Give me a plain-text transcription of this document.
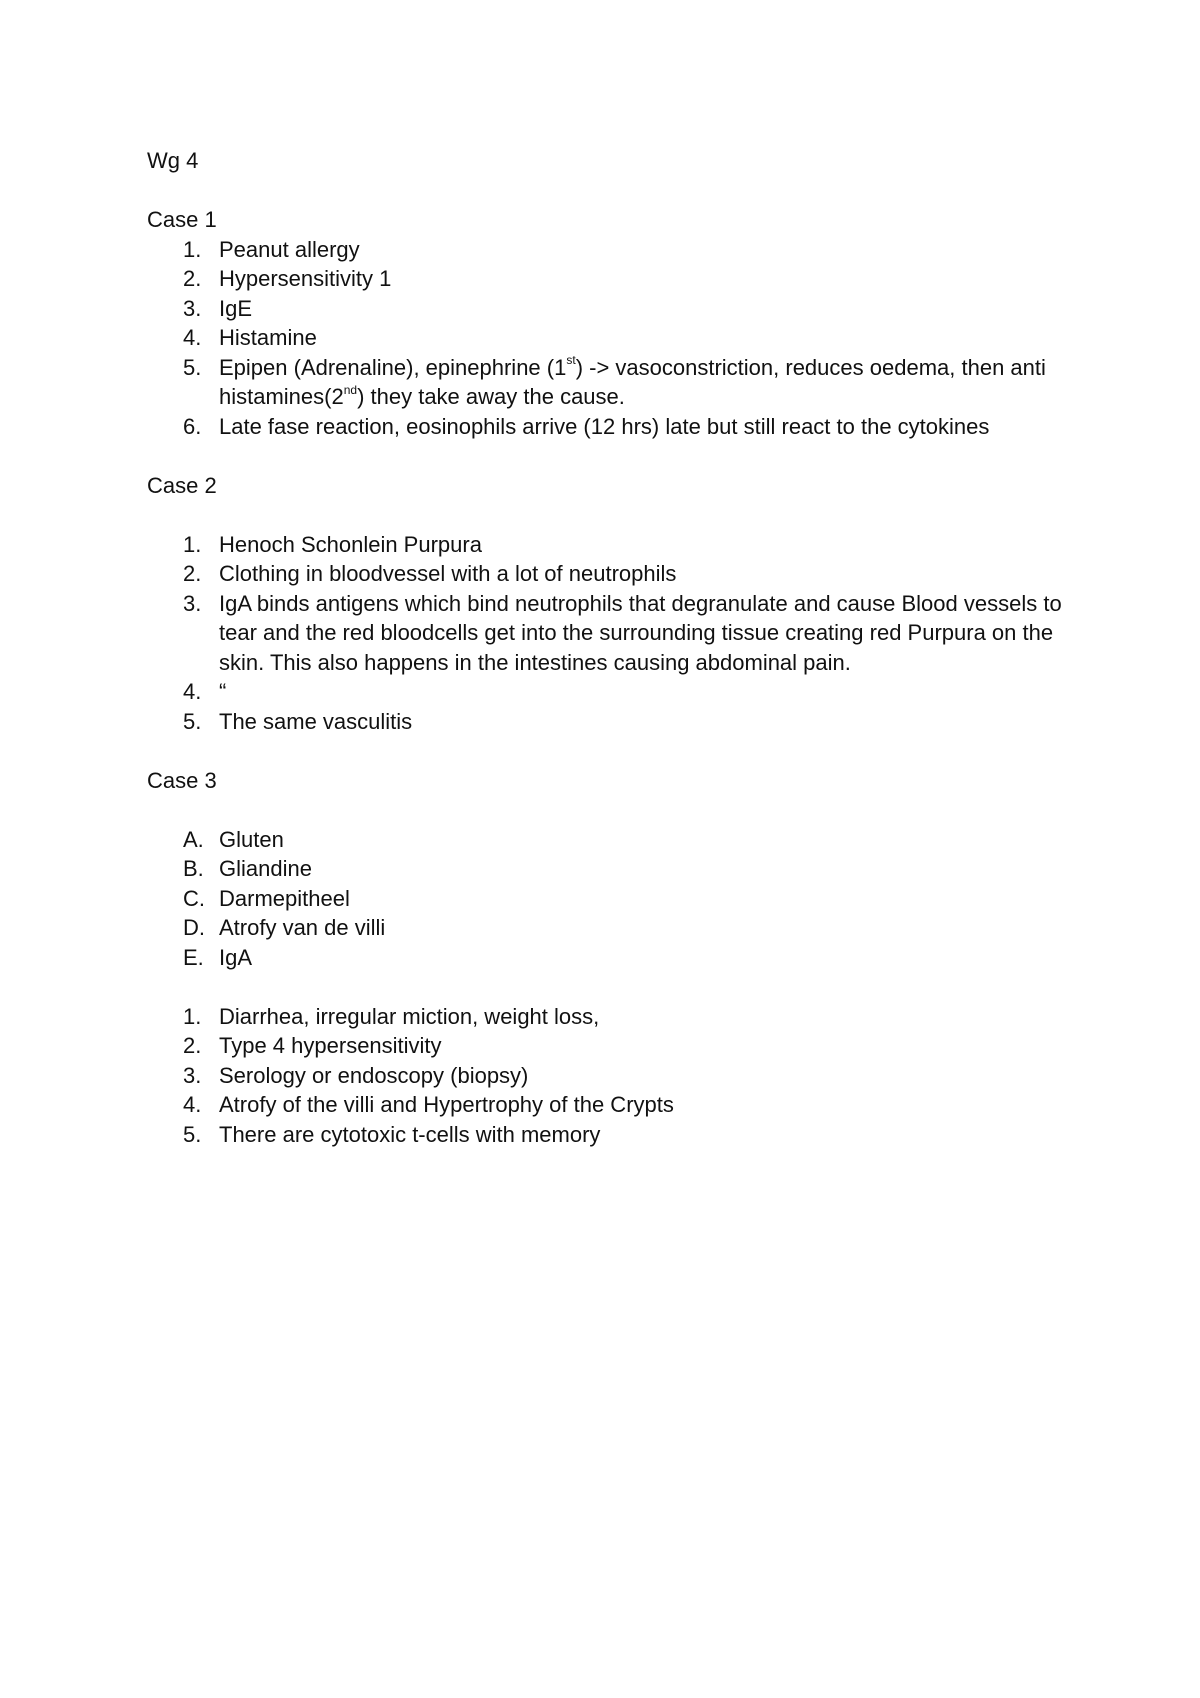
Wg 4

Case 1

1. Peanut allergy
2. Hypersensitivity 1
3. IgE
4. Histamine
5. Epipen (Adrenaline), epinephrine (1st) -> vasoconstriction, reduces oedema, then anti histamines(2nd) they take away the cause.
6. Late fase reaction, eosinophils arrive (12 hrs) late but still react to the cytokines

Case 2

1. Henoch Schonlein Purpura
2. Clothing in bloodvessel with a lot of neutrophils
3. IgA binds antigens which bind neutrophils that degranulate and cause Blood vessels to tear and the red bloodcells get into the surrounding tissue creating red Purpura on the skin. This also happens in the intestines causing abdominal pain.
4. “
5. The same vasculitis

Case 3

A. Gluten
B. Gliandine
C. Darmepitheel
D. Atrofy van de villi
E. IgA
1. Diarrhea, irregular miction, weight loss,
2. Type 4 hypersensitivity
3. Serology or endoscopy (biopsy)
4. Atrofy of the villi and Hypertrophy of the Crypts
5. There are cytotoxic t-cells with memory
